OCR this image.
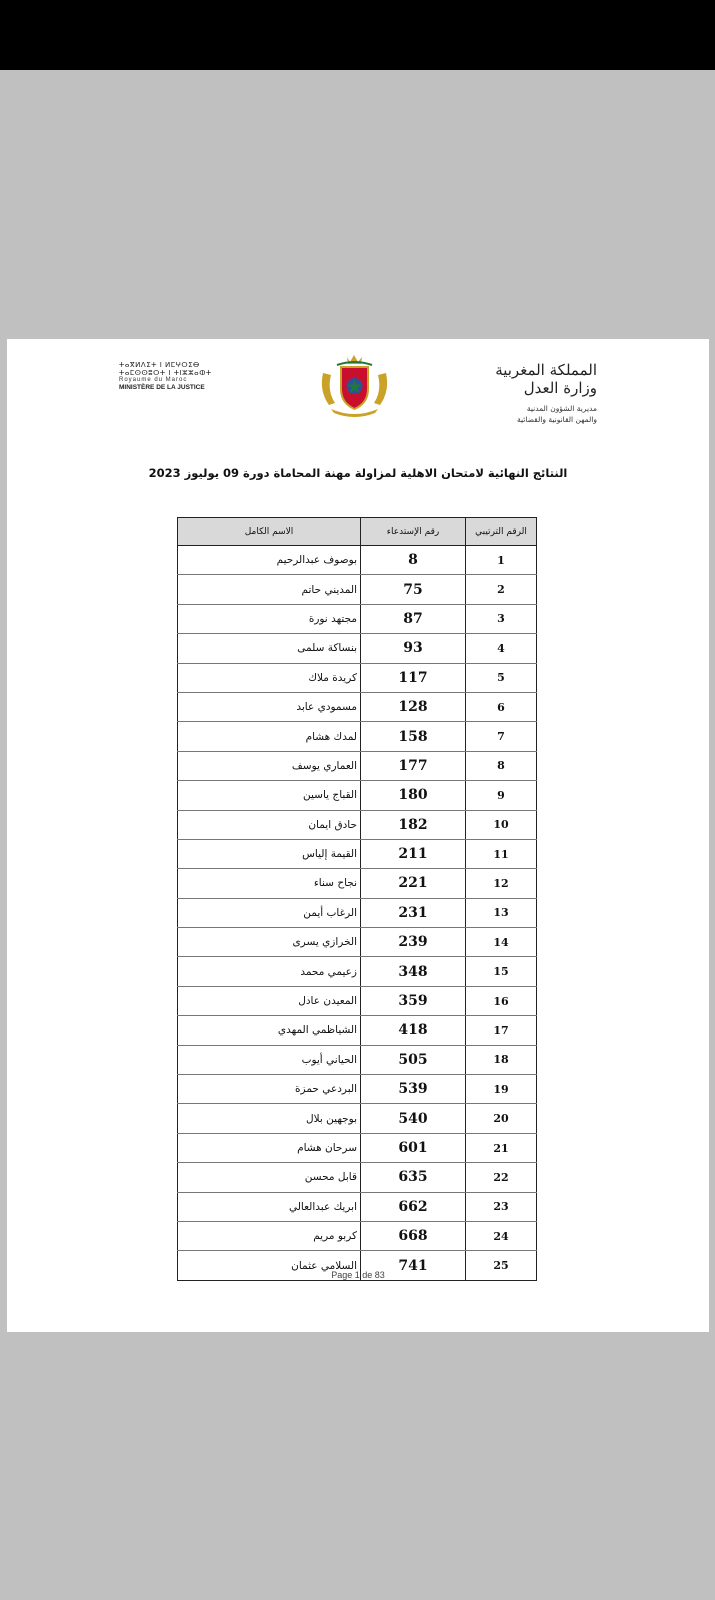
ⵜⴰⴳⵍⴷⵉⵜ ⵏ ⵍⵎⵖⵔⵉⴱ
ⵜⴰⵎⵙⵙⵓⵔⵜ ⵏ ⵜⵏⵣⵣⴰⵀⵜ
Royaume du Maroc
MINISTÈRE DE LA JUSTICE
المملكة المغربية
وزارة العدل
مديرية الشؤون المدنية
والمهن القانونية والقضائية
النتائج النهائية لامتحان الاهلية لمزاولة مهنة المحاماة دورة 09 يوليوز 2023
الرقم الترتيبي	رقم الإستدعاء	الاسم الكامل
1	8	بوصوف عبدالرحيم
2	75	المديني حاتم
3	87	مجتهد نورة
4	93	بنساكة سلمى
5	117	كريدة ملاك
6	128	مسمودي عابد
7	158	لمدك هشام
8	177	العماري يوسف
9	180	القباج ياسين
10	182	حادق ايمان
11	211	القيمة إلياس
12	221	نجاح سناء
13	231	الرغاب أيمن
14	239	الخرازي يسرى
15	348	زعيمي محمد
16	359	المعيدن عادل
17	418	الشياظمي المهدي
18	505	الحياني أيوب
19	539	البردعي حمزة
20	540	بوجهين بلال
21	601	سرحان هشام
22	635	قابل محسن
23	662	ابريك عبدالعالي
24	668	كربو مريم
25	741	السلامي عثمان
Page 1 de 83
